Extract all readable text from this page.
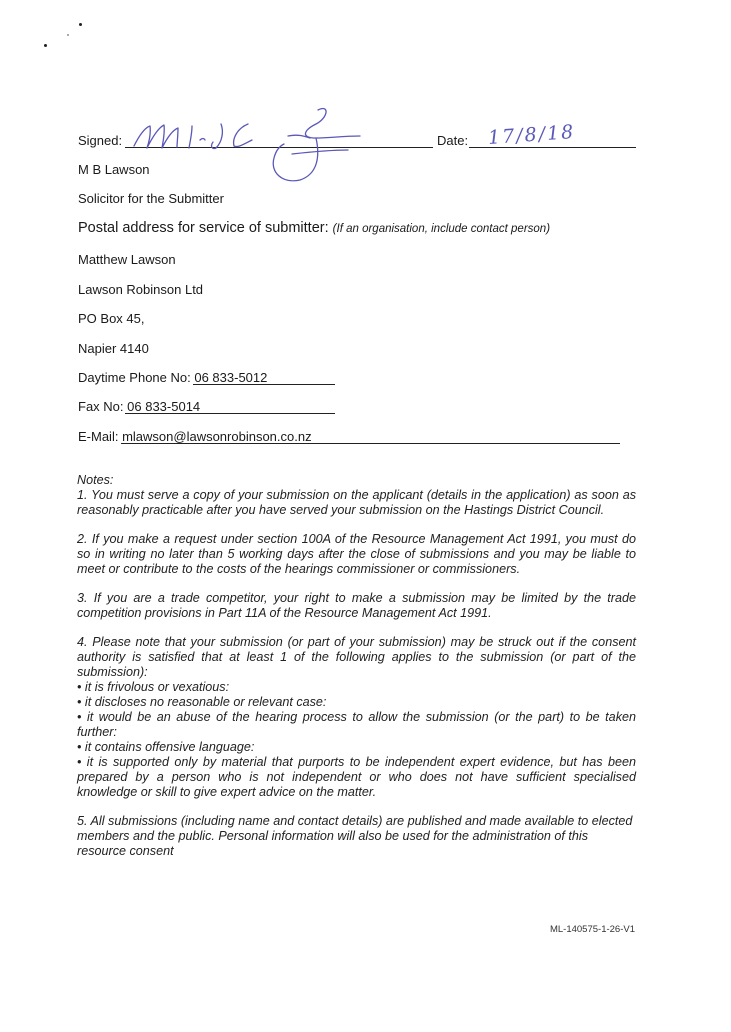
Signed:	Date: 17/8/18
M B Lawson
Solicitor for the Submitter
Postal address for service of submitter: (If an organisation, include contact person)
Matthew Lawson
Lawson Robinson Ltd
PO Box 45,
Napier 4140
Daytime Phone No: 06 833-5012
Fax No: 06 833-5014
E-Mail: mlawson@lawsonrobinson.co.nz

Notes:

1. You must serve a copy of your submission on the applicant (details in the application) as soon as reasonably practicable after you have served your submission on the Hastings District Council.

2. If you make a request under section 100A of the Resource Management Act 1991, you must do so in writing no later than 5 working days after the close of submissions and you may be liable to meet or contribute to the costs of the hearings commissioner or commissioners.

3. If you are a trade competitor, your right to make a submission may be limited by the trade competition provisions in Part 11A of the Resource Management Act 1991.

4. Please note that your submission (or part of your submission) may be struck out if the consent authority is satisfied that at least 1 of the following applies to the submission (or part of the submission):

• it is frivolous or vexatious:

• it discloses no reasonable or relevant case:

• it would be an abuse of the hearing process to allow the submission (or the part) to be taken further:

• it contains offensive language:

• it is supported only by material that purports to be independent expert evidence, but has been prepared by a person who is not independent or who does not have sufficient specialised knowledge or skill to give expert advice on the matter.

5. All submissions (including name and contact details) are published and made available to elected members and the public. Personal information will also be used for the administration of this resource consent

ML-140575-1-26-V1
